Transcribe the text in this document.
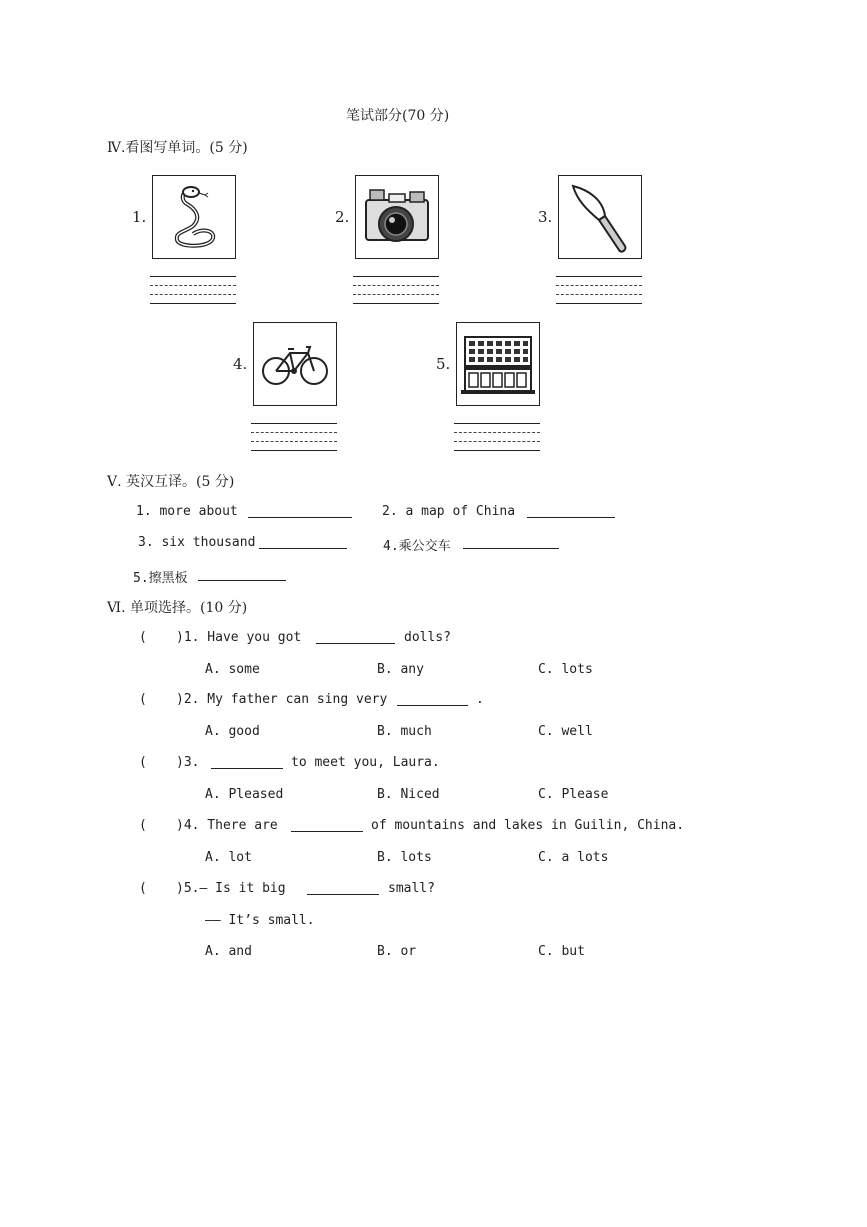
笔试部分(70 分)
Ⅳ.看图写单词。(5 分)
1.	2.	3.
4.	5.
Ⅴ. 英汉互译。(5 分)
1. more about	2. a map of China
3. six thousand	4.乘公交车
5.擦黑板
Ⅵ. 单项选择。(10 分)
( )1. Have you got	dolls?
A. some	B. any	C. lots
( )2. My father can sing very	.
A. good	B. much	C. well
( )3.	to meet you, Laura.
A. Pleased	B. Niced	C. Please
( )4. There are	of mountains and lakes in Guilin, China.
A. lot	B. lots	C. a lots
( )5.— Is it big	small?
—— It’s small.
A. and	B. or	C. but
